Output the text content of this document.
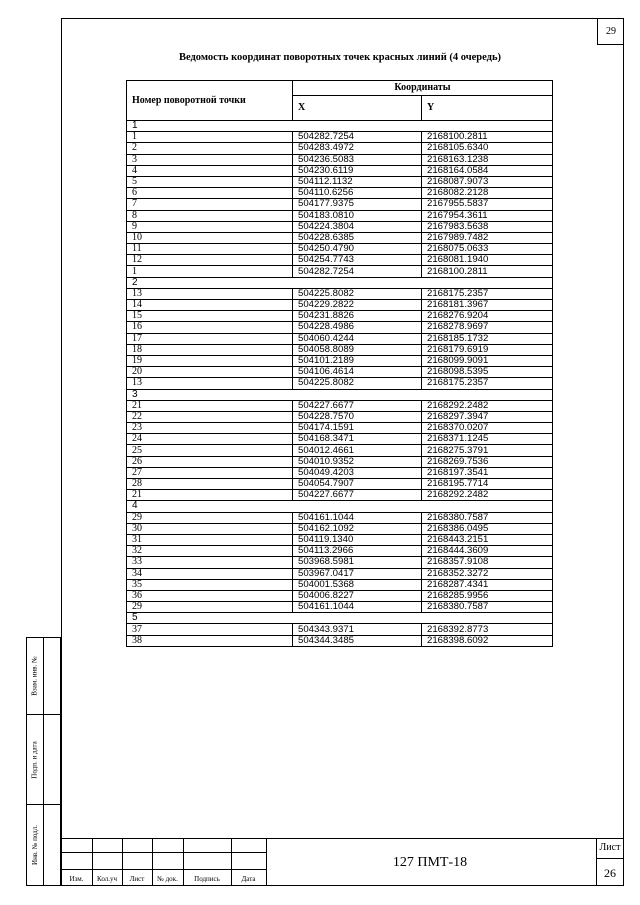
29
Ведомость координат поворотных точек красных линий (4 очередь)
Номер поворотной точки	Координаты	
	X	Y
1		
1	504282.7254	2168100.2811
2	504283.4972	2168105.6340
3	504236.5083	2168163.1238
4	504230.6119	2168164.0584
5	504112.1132	2168087.9073
6	504110.6256	2168082.2128
7	504177.9375	2167955.5837
8	504183.0810	2167954.3611
9	504224.3804	2167983.5638
10	504228.6385	2167989.7482
11	504250.4790	2168075.0633
12	504254.7743	2168081.1940
1	504282.7254	2168100.2811
2		
13	504225.8082	2168175.2357
14	504229.2822	2168181.3967
15	504231.8826	2168276.9204
16	504228.4986	2168278.9697
17	504060.4244	2168185.1732
18	504058.8089	2168179.6919
19	504101.2189	2168099.9091
20	504106.4614	2168098.5395
13	504225.8082	2168175.2357
3		
21	504227.6677	2168292.2482
22	504228.7570	2168297.3947
23	504174.1591	2168370.0207
24	504168.3471	2168371.1245
25	504012.4661	2168275.3791
26	504010.9352	2168269.7536
27	504049.4203	2168197.3541
28	504054.7907	2168195.7714
21	504227.6677	2168292.2482
4		
29	504161.1044	2168380.7587
30	504162.1092	2168386.0495
31	504119.1340	2168443.2151
32	504113.2966	2168444.3609
33	503968.5981	2168357.9108
34	503967.0417	2168352.3272
35	504001.5368	2168287.4341
36	504006.8227	2168285.9956
29	504161.1044	2168380.7587
5		
37	504343.9371	2168392.8773
38	504344.3485	2168398.6092
Взам. инв. №
Подп. и дата
Инв. № подл.
Изм.	Кол.уч	Лист	№ док.	Подпись	Дата
127 ПМТ-18
Лист
26
